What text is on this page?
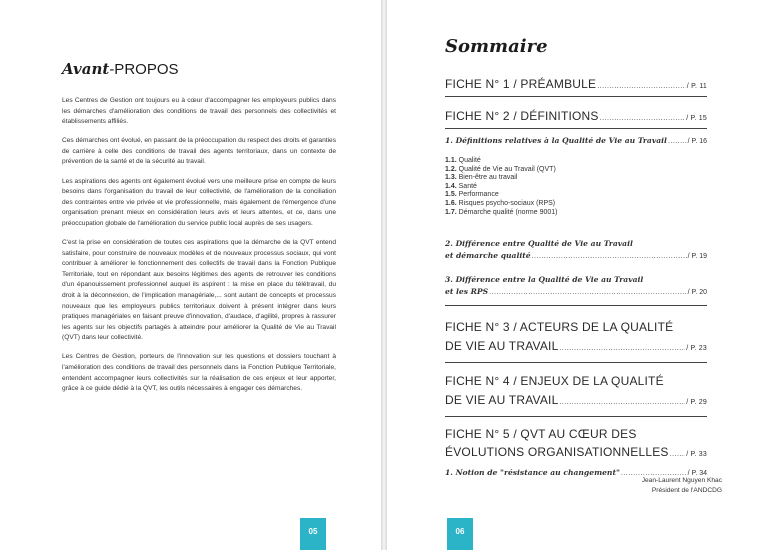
Avant-PROPOS

Les Centres de Gestion ont toujours eu à cœur d'accompagner les employeurs publics dans les démarches d'amélioration des conditions de travail des personnels des collectivités et établissements affiliés.

Ces démarches ont évolué, en passant de la préoccupation du respect des droits et garanties de carrière à celle des conditions de travail des agents territoriaux, dans un contexte de prévention de la santé et de la sécurité au travail.

Les aspirations des agents ont également évolué vers une meilleure prise en compte de leurs besoins dans l'organisation du travail de leur collectivité, de l'amélioration de la conciliation des contraintes entre vie privée et vie professionnelle, mais également de l'émergence d'une organisation prenant mieux en considération leurs avis et leurs attentes, et ce, dans une préoccupation globale de l'amélioration du service public local auprès de ses usagers.

C'est la prise en considération de toutes ces aspirations que la démarche de la QVT entend satisfaire, pour construire de nouveaux modèles et de nouveaux processus sociaux, qui vont contribuer à améliorer le fonctionnement des collectifs de travail dans la Fonction Publique Territoriale, tout en répondant aux besoins légitimes des agents de retrouver les conditions d'un épanouissement professionnel auquel ils aspirent : la mise en place du télétravail, du droit à la déconnexion, de l'implication managériale,... sont autant de concepts et processus nouveaux que les employeurs publics territoriaux doivent à présent intégrer dans leurs pratiques managériales en faisant preuve d'innovation, d'audace, d'agilité, propres à rassurer les agents sur les objectifs partagés à atteindre pour améliorer la Qualité de Vie au Travail (QVT) dans leur collectivité.

Les Centres de Gestion, porteurs de l'innovation sur les questions et dossiers touchant à l'amélioration des conditions de travail des personnels dans la Fonction Publique Territoriale, entendent accompagner leurs collectivités sur la réalisation de ces enjeux et leur apporter, grâce à ce guide dédié à la QVT, les outils nécessaires à engager ces démarches.

Jean-Laurent Nguyen Khac
Président de l'ANDCDG
05
Sommaire
FICHE N° 1 / PRÉAMBULE .....	/ P. 11
FICHE N° 2 / DÉFINITIONS .....	/ P. 15
1. Définitions relatives à la Qualité de Vie au Travail .....	/ P. 16
1.1. Qualité
1.2. Qualité de Vie au Travail (QVT)
1.3. Bien-être au travail
1.4. Santé
1.5. Performance
1.6. Risques psycho-sociaux (RPS)
1.7. Démarche qualité (norme 9001)
2. Différence entre Qualité de Vie au Travail
et démarche qualité .....	/ P. 19
3. Différence entre la Qualité de Vie au Travail
et les RPS .....	/ P. 20
FICHE N° 3 / ACTEURS DE LA QUALITÉ
DE VIE AU TRAVAIL .....	/ P. 23
FICHE N° 4 / ENJEUX DE LA QUALITÉ
DE VIE AU TRAVAIL .....	/ P. 29
FICHE N° 5 / QVT AU CŒUR DES
ÉVOLUTIONS ORGANISATIONNELLES .....	/ P. 33
1. Notion de "résistance au changement" .....	/ P. 34
06
